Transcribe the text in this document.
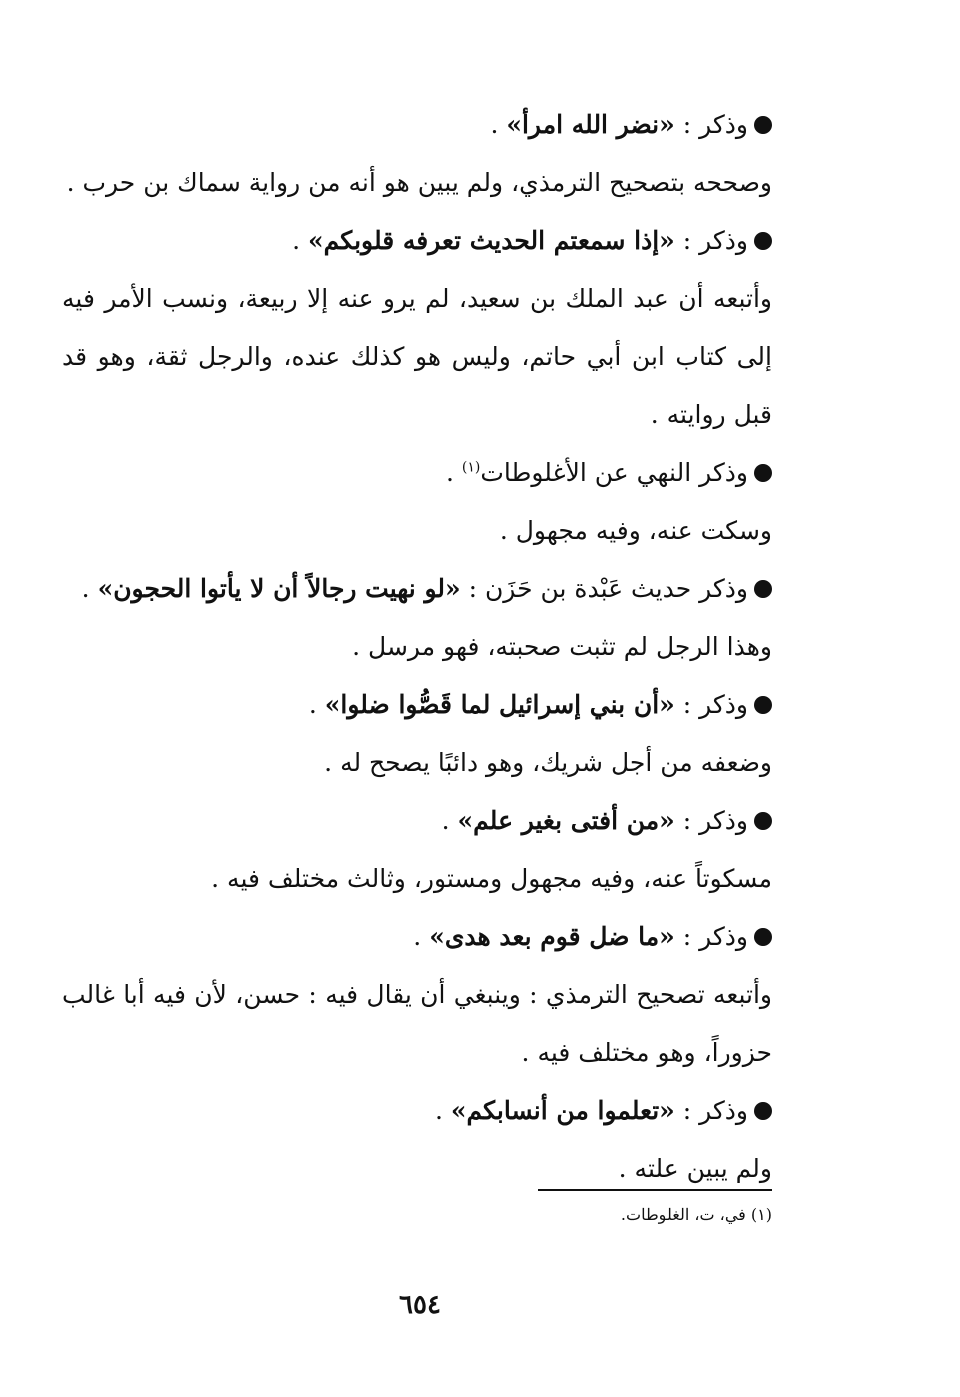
وذكر : «نضر الله امرأ» .

وصححه بتصحيح الترمذي، ولم يبين هو أنه من رواية سماك بن حرب .

وذكر : «إذا سمعتم الحديث تعرفه قلوبكم» .

وأتبعه أن عبد الملك بن سعيد، لم يرو عنه إلا ربيعة، ونسب الأمر فيه إلى كتاب ابن أبي حاتم، وليس هو كذلك عنده، والرجل ثقة، وهو قد قبل روايته .

وذكر النهي عن الأغلوطات$^{(١)}$ .

وسكت عنه، وفيه مجهول .

وذكر حديث عَبْدة بن حَزَن : «لو نهيت رجالاً أن لا يأتوا الحجون» .

وهذا الرجل لم تثبت صحبته، فهو مرسل .

وذكر : «أن بني إسرائيل لما قَصُّوا ضلوا» .

وضعفه من أجل شريك، وهو دائبًا يصحح له .

وذكر : «من أفتى بغير علم» .

مسكوتاً عنه، وفيه مجهول ومستور، وثالث مختلف فيه .

وذكر : «ما ضل قوم بعد هدى» .

وأتبعه تصحيح الترمذي : وينبغي أن يقال فيه : حسن، لأن فيه أبا غالب حزوراً، وهو مختلف فيه .

وذكر : «تعلموا من أنسابكم» .

ولم يبين علته .

(١) في، ت، الغلوطات.
٦٥٤
